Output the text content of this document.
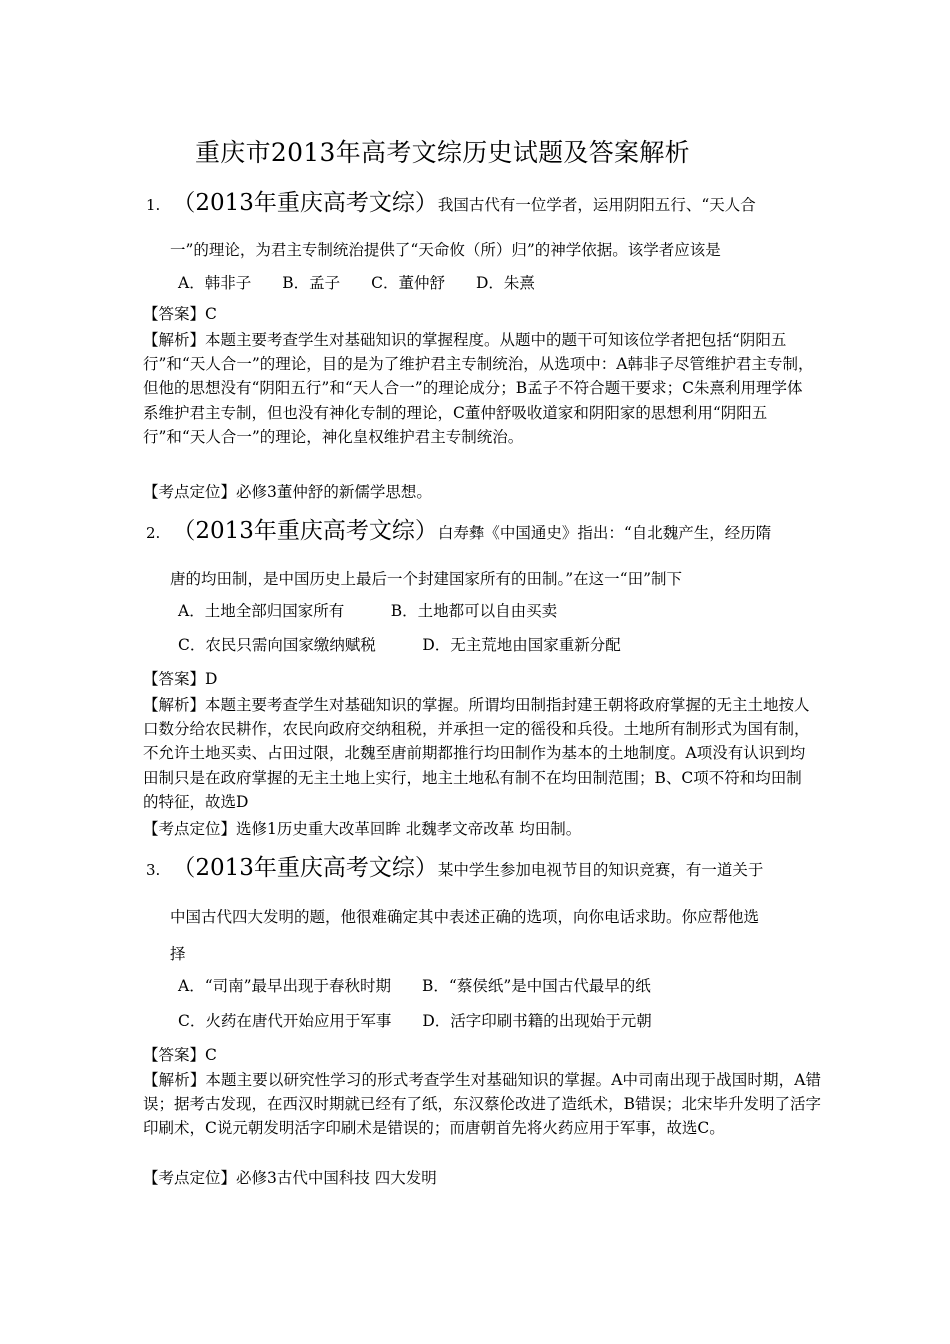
重庆市2013年高考文综历史试题及答案解析
1. （2013年重庆高考文综） 我国古代有一位学者，运用阴阳五行、“天人合
一”的理论，为君主专制统治提供了“天命攸（所）归”的神学依据。该学者应该是
A．韩非子　　B．孟子　　C．董仲舒　　D．朱熹
【答案】C
【解析】本题主要考查学生对基础知识的掌握程度。从题中的题干可知该位学者把包括“阴阳五行”和“天人合一”的理论，目的是为了维护君主专制统治，从选项中：A韩非子尽管维护君主专制，但他的思想没有“阴阳五行”和“天人合一”的理论成分；B孟子不符合题干要求；C朱熹利用理学体系维护君主专制，但也没有神化专制的理论，C董仲舒吸收道家和阴阳家的思想利用“阴阳五行”和“天人合一”的理论，神化皇权维护君主专制统治。
【考点定位】必修3董仲舒的新儒学思想。
2. （2013年重庆高考文综） 白寿彝《中国通史》指出：“自北魏产生，经历隋
唐的均田制，是中国历史上最后一个封建国家所有的田制。”在这一“田”制下
A．土地全部归国家所有　　　B．土地都可以自由买卖
C．农民只需向国家缴纳赋税　　　D．无主荒地由国家重新分配
【答案】D
【解析】本题主要考查学生对基础知识的掌握。所谓均田制指封建王朝将政府掌握的无主土地按人口数分给农民耕作，农民向政府交纳租税，并承担一定的徭役和兵役。土地所有制形式为国有制，不允许土地买卖、占田过限，北魏至唐前期都推行均田制作为基本的土地制度。A项没有认识到均田制只是在政府掌握的无主土地上实行，地主土地私有制不在均田制范围；B、C项不符和均田制的特征，故选D
【考点定位】选修1历史重大改革回眸 北魏孝文帝改革 均田制。
3. （2013年重庆高考文综） 某中学生参加电视节目的知识竞赛，有一道关于
中国古代四大发明的题，他很难确定其中表述正确的选项，向你电话求助。你应帮他选
择
A．“司南”最早出现于春秋时期　　B．“蔡侯纸”是中国古代最早的纸
C．火药在唐代开始应用于军事　　D．活字印刷书籍的出现始于元朝
【答案】C
【解析】本题主要以研究性学习的形式考查学生对基础知识的掌握。A中司南出现于战国时期，A错误；据考古发现，在西汉时期就已经有了纸，东汉蔡伦改进了造纸术，B错误；北宋毕升发明了活字印刷术，C说元朝发明活字印刷术是错误的；而唐朝首先将火药应用于军事，故选C。
【考点定位】必修3古代中国科技 四大发明
